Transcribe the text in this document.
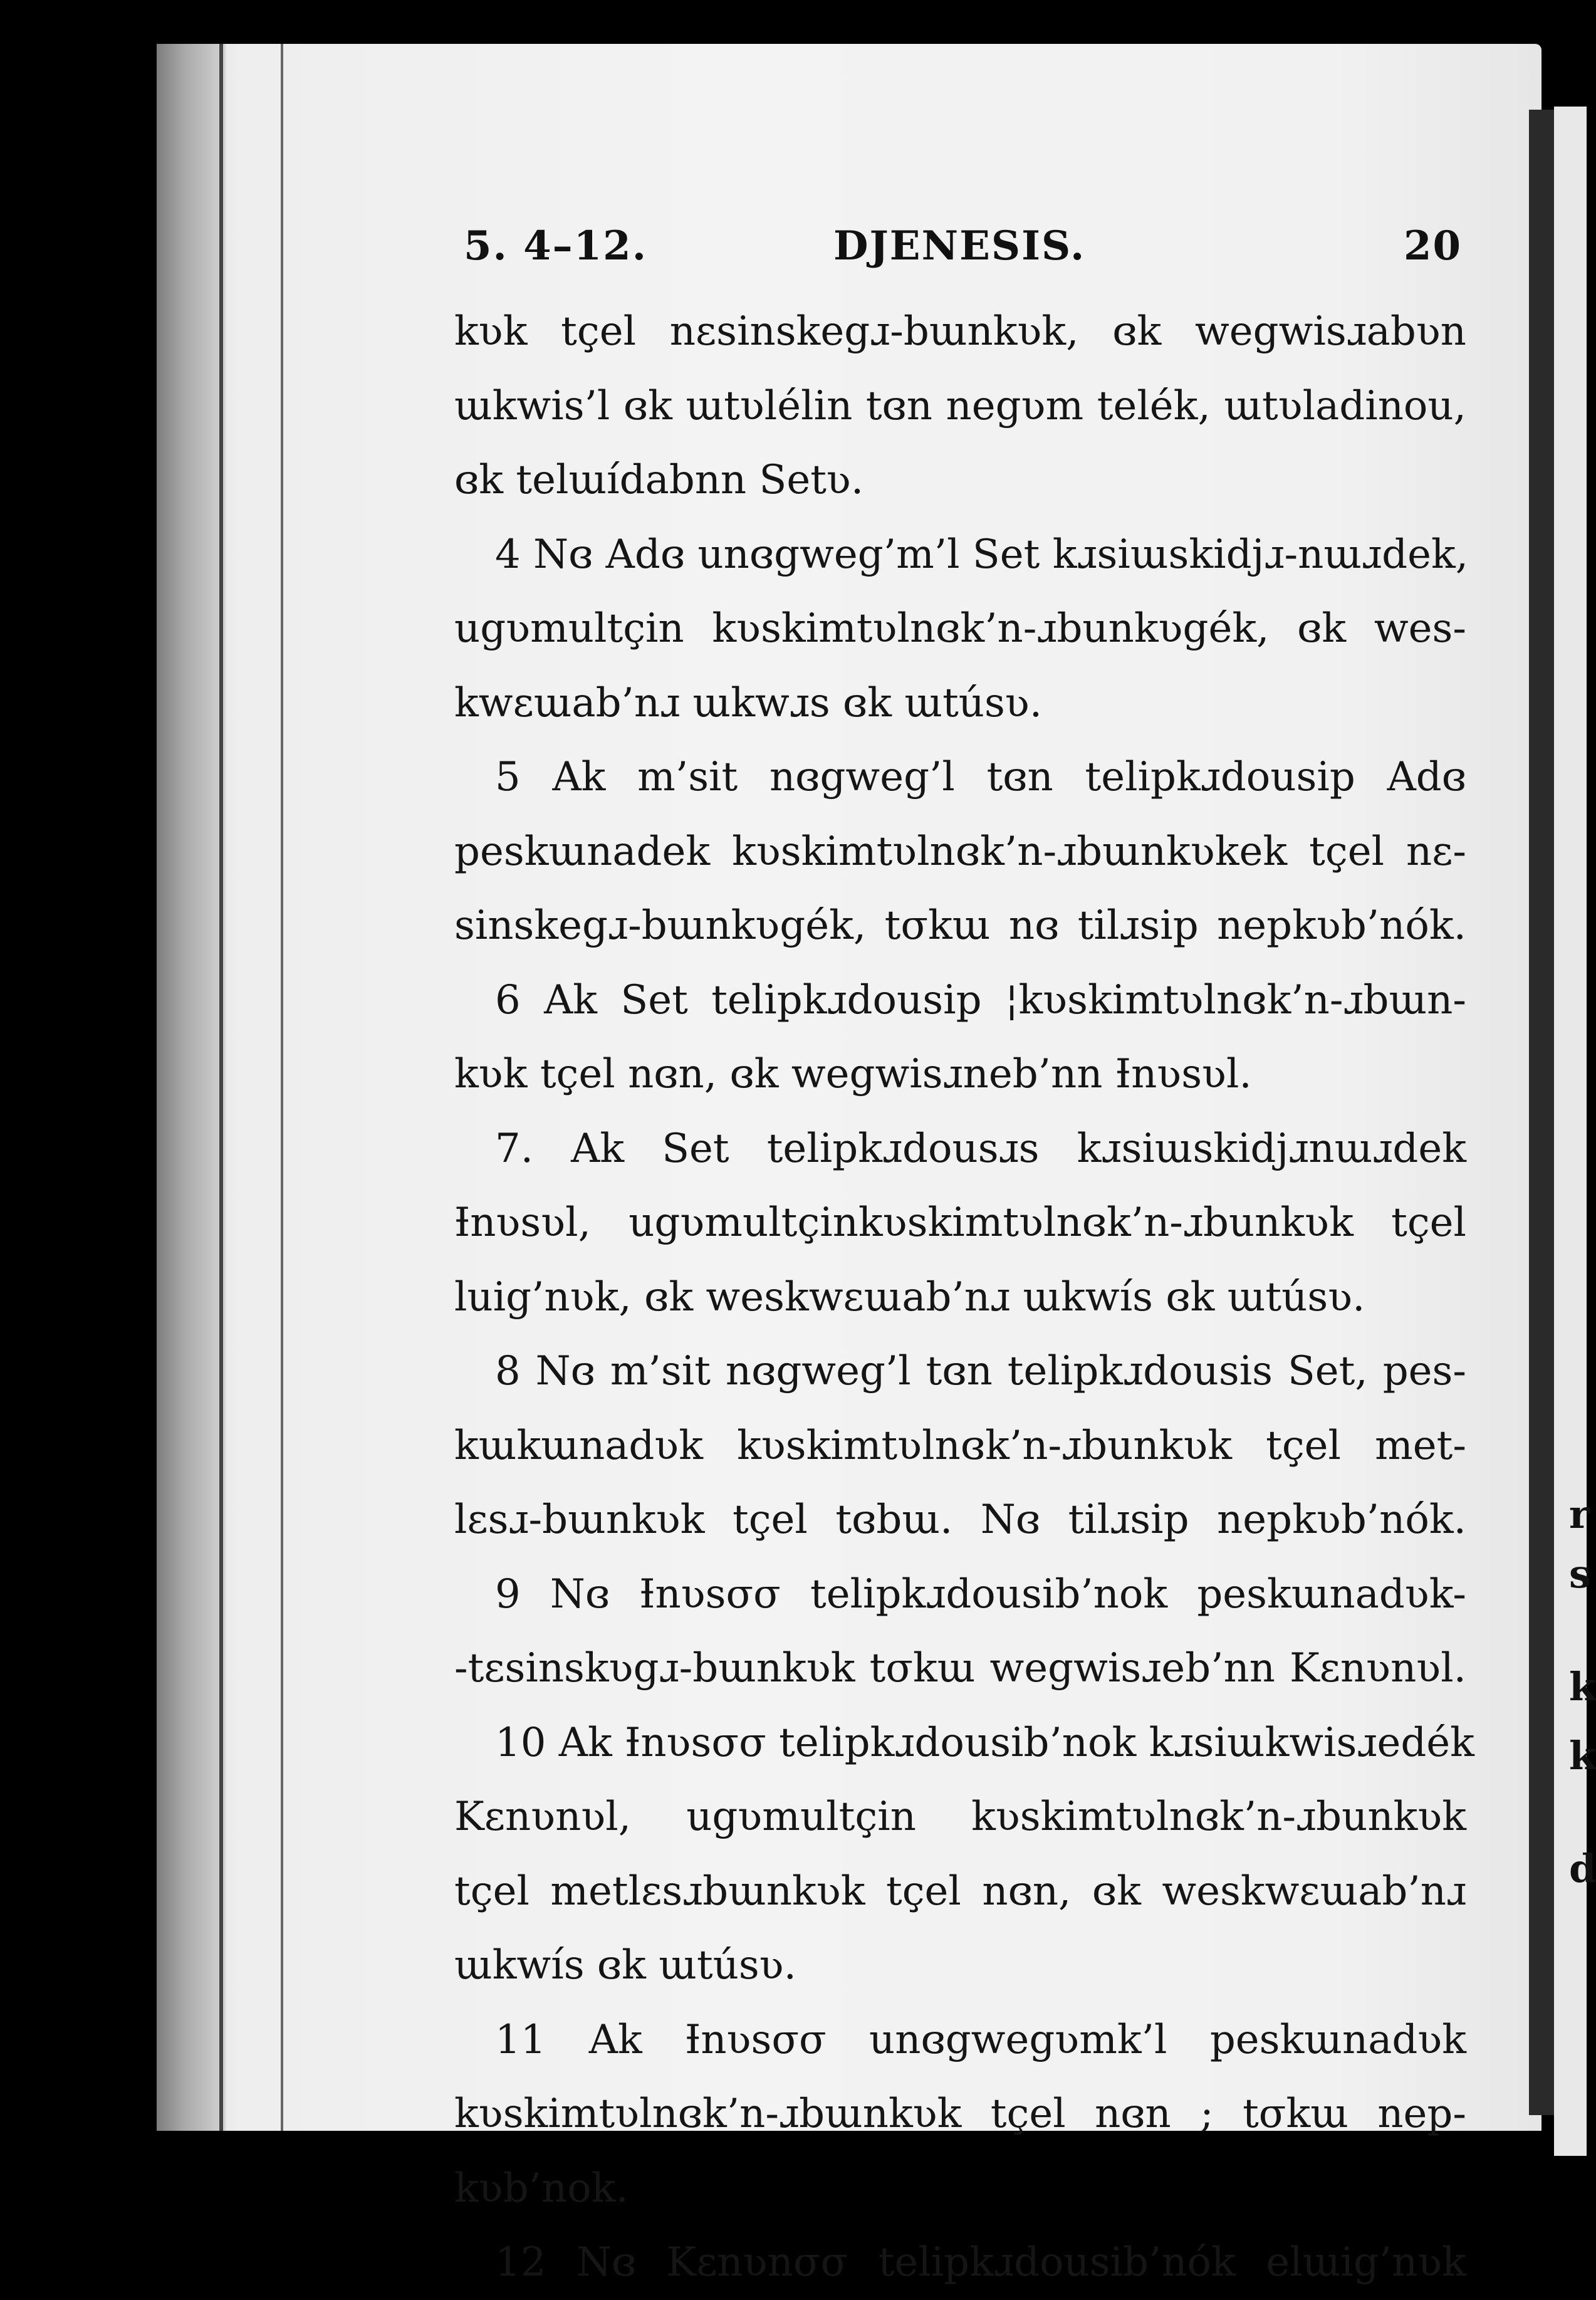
r
s
k
k
d
5. 4–12.	DJENESIS.	20
kʋk tçel nεsinskegɹ-bɯnkʋk, ɞk wegwisɹabʋn
ɯkwis’l ɞk ɯtʋlélin tɞn negʋm telék, ɯtʋladinou,
ɞk telɯídabnn Setʋ.
4 Nɞ Adɞ unɞgweg’m’l Set kɹsiɯskidjɹ-nɯɹdek,
ugʋmultçin kʋskimtʋlnɞk’n-ɹbunkʋgék, ɞk wes-
kwεɯab’nɹ ɯkwɹs ɞk ɯtúsʋ.
5 Ak m’sit nɞgweg’l tɞn telipkɹdousip Adɞ
peskɯnadek kʋskimtʋlnɞk’n-ɹbɯnkʋkek tçel nε-
sinskegɹ-bɯnkʋgék, tσkɯ nɞ tilɹsip nepkʋb’nók.
6 Ak Set telipkɹdousip ¦kʋskimtʋlnɞk’n-ɹbɯn-
kʋk tçel nɞn, ɞk wegwisɹneb’nn Ɨnʋsʋl.
7. Ak Set telipkɹdousɹs kɹsiɯskidjɹnɯɹdek
Ɨnʋsʋl, ugʋmultçinkʋskimtʋlnɞk’n-ɹbunkʋk tçel
luig’nʋk, ɞk weskwεɯab’nɹ ɯkwís ɞk ɯtúsʋ.
8 Nɞ m’sit nɞgweg’l tɞn telipkɹdousis Set, pes-
kɯkɯnadʋk kʋskimtʋlnɞk’n-ɹbunkʋk tçel met-
lɛsɹ-bɯnkʋk tçel tɞbɯ. Nɞ tilɹsip nepkʋb’nók.
9 Nɞ Ɨnʋsσσ telipkɹdousib’nok peskɯnadʋk-
-tεsinskʋgɹ-bɯnkʋk tσkɯ wegwisɹeb’nn Kεnʋnʋl.
10 Ak Ɨnʋsσσ telipkɹdousib’nok kɹsiɯkwisɹedék
Kεnʋnʋl, ugʋmultçin kʋskimtʋlnɞk’n-ɹbunkʋk
tçel metlɛsɹbɯnkʋk tçel nɞn, ɞk weskwεɯab’nɹ
ɯkwís ɞk ɯtúsʋ.
11 Ak Ɨnʋsσσ unɞgwegʋmk’l peskɯnadʋk
kʋskimtʋlnɞk’n-ɹbɯnkʋk tçel nɞn ; tσkɯ nep-
kʋb’nok.
12 Nɞ Kεnʋnσσ telipkɹdousib’nók elɯig’nʋk
